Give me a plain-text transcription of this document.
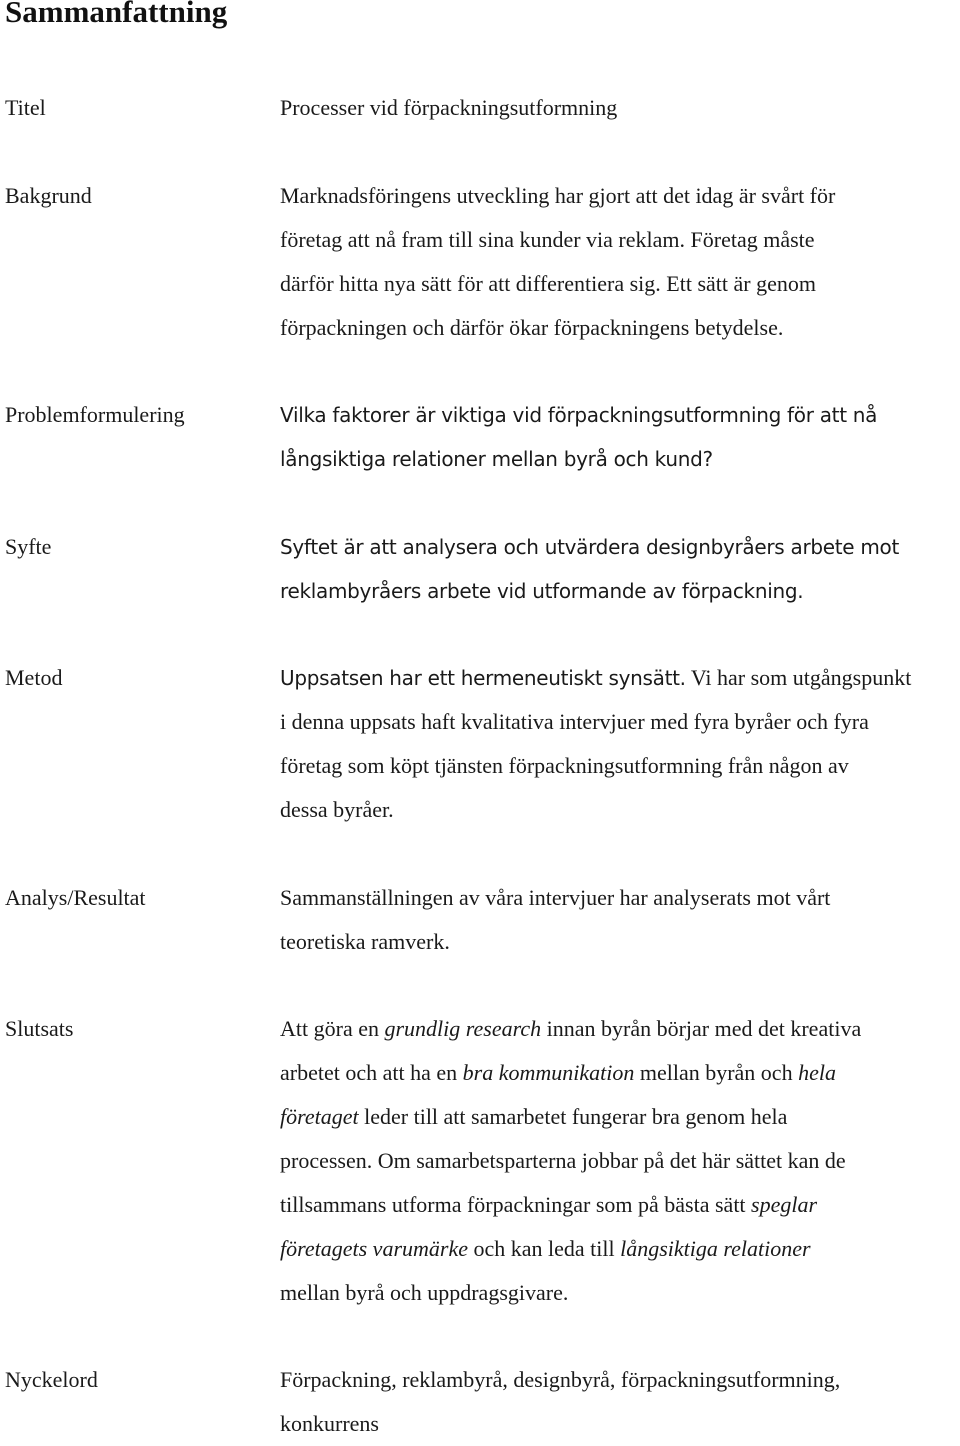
Sammanfattning
Titel	Processer vid förpackningsutformning
Bakgrund	Marknadsföringens utveckling har gjort att det idag är svårt för
företag att nå fram till sina kunder via reklam. Företag måste
därför hitta nya sätt för att differentiera sig. Ett sätt är genom
förpackningen och därför ökar förpackningens betydelse.
Problemformulering	Vilka faktorer är viktiga vid förpackningsutformning för att nå
långsiktiga relationer mellan byrå och kund?
Syfte	Syftet är att analysera och utvärdera designbyråers arbete mot
reklambyråers arbete vid utformande av förpackning.
Metod	Uppsatsen har ett hermeneutiskt synsätt. Vi har som utgångspunkt
i denna uppsats haft kvalitativa intervjuer med fyra byråer och fyra
företag som köpt tjänsten förpackningsutformning från någon av
dessa byråer.
Analys/Resultat	Sammanställningen av våra intervjuer har analyserats mot vårt
teoretiska ramverk.
Slutsats	Att göra en grundlig research innan byrån börjar med det kreativa
arbetet och att ha en bra kommunikation mellan byrån och hela
företaget leder till att samarbetet fungerar bra genom hela
processen. Om samarbetsparterna jobbar på det här sättet kan de
tillsammans utforma förpackningar som på bästa sätt speglar
företagets varumärke och kan leda till långsiktiga relationer
mellan byrå och uppdragsgivare.
Nyckelord	Förpackning, reklambyrå, designbyrå, förpackningsutformning,
konkurrens
